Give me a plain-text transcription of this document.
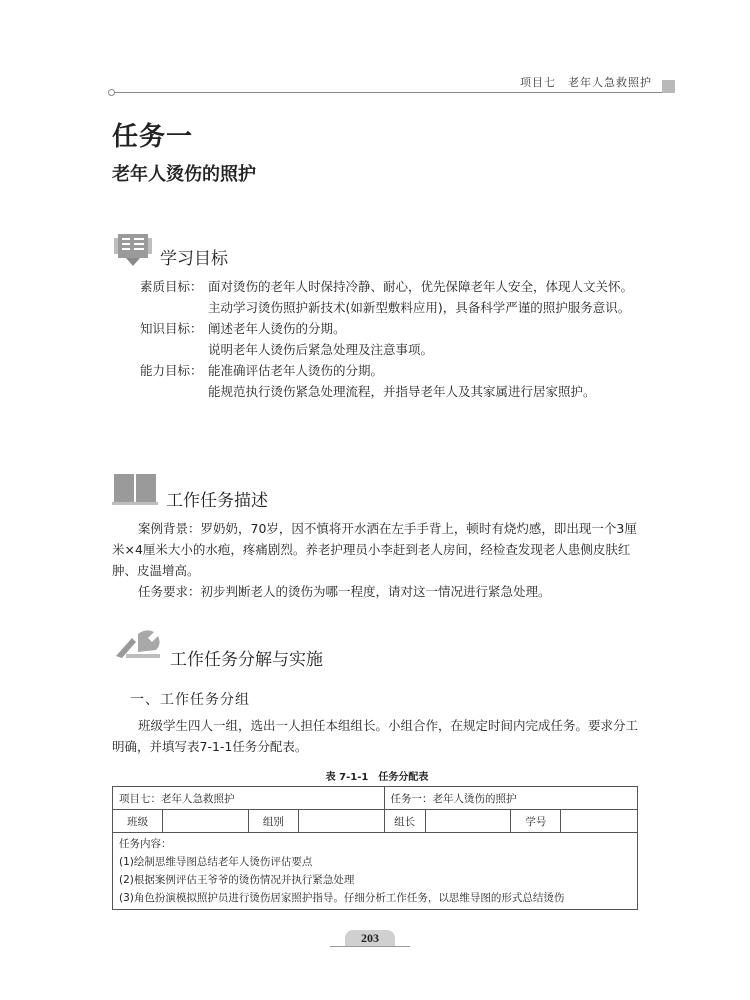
项目七　老年人急救照护
任务一
老年人烫伤的照护
学习目标
素质目标： 面对烫伤的老年人时保持冷静、耐心，优先保障老年人安全，体现人文关怀。
主动学习烫伤照护新技术(如新型敷料应用)，具备科学严谨的照护服务意识。
知识目标： 阐述老年人烫伤的分期。
说明老年人烫伤后紧急处理及注意事项。
能力目标： 能准确评估老年人烫伤的分期。
能规范执行烫伤紧急处理流程，并指导老年人及其家属进行居家照护。
工作任务描述

案例背景：罗奶奶，70岁，因不慎将开水洒在左手手背上，顿时有烧灼感，即出现一个3厘米×4厘米大小的水疱，疼痛剧烈。养老护理员小李赶到老人房间，经检查发现老人患侧皮肤红肿、皮温增高。

任务要求：初步判断老人的烫伤为哪一程度，请对这一情况进行紧急处理。

工作任务分解与实施
一、工作任务分组

班级学生四人一组，选出一人担任本组组长。小组合作，在规定时间内完成任务。要求分工明确，并填写表7-1-1任务分配表。

表 7-1-1　任务分配表
项目七：老年人急救照护				任务一：老年人烫伤的照护			
班级		组别		组长		学号	

任务内容：
(1)绘制思维导图总结老年人烫伤评估要点
(2)根据案例评估王爷爷的烫伤情况并执行紧急处理
(3)角色扮演模拟照护员进行烫伤居家照护指导。仔细分析工作任务，以思维导图的形式总结烫伤							
203
